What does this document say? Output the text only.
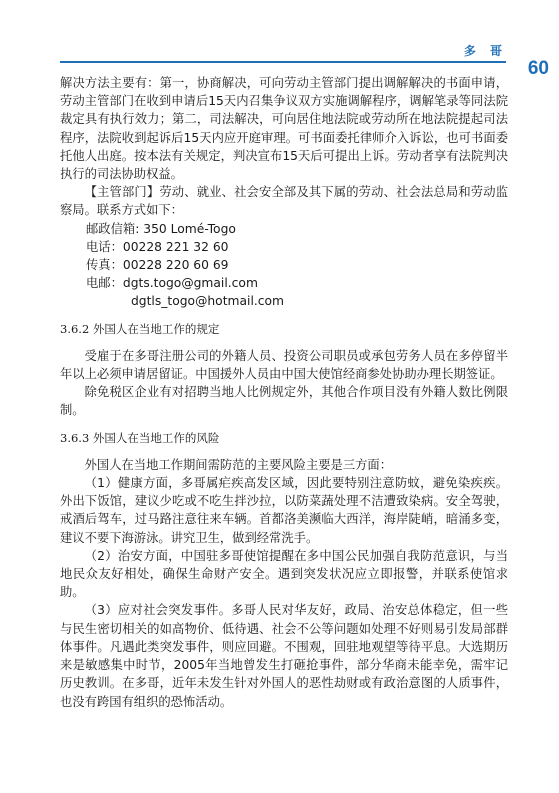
多 哥
60

解决方法主要有：第一，协商解决，可向劳动主管部门提出调解解决的书面申请，劳动主管部门在收到申请后15天内召集争议双方实施调解程序，调解笔录等同法院裁定具有执行效力；第二，司法解决，可向居住地法院或劳动所在地法院提起司法程序，法院收到起诉后15天内应开庭审理。可书面委托律师介入诉讼，也可书面委托他人出庭。按本法有关规定，判决宣布15天后可提出上诉。劳动者享有法院判决执行的司法协助权益。

【主管部门】劳动、就业、社会安全部及其下属的劳动、社会法总局和劳动监察局。联系方式如下：

邮政信箱: 350 Lomé-Togo
电话：00228 221 32 60
传真：00228 220 60 69
电邮：dgts.togo@gmail.com
dgtls_togo@hotmail.com

3.6.2 外国人在当地工作的规定

受雇于在多哥注册公司的外籍人员、投资公司职员或承包劳务人员在多停留半年以上必须申请居留证。中国援外人员由中国大使馆经商参处协助办理长期签证。

除免税区企业有对招聘当地人比例规定外，其他合作项目没有外籍人数比例限制。

3.6.3 外国人在当地工作的风险

外国人在当地工作期间需防范的主要风险主要是三方面：

（1）健康方面，多哥属疟疾高发区域，因此要特别注意防蚊，避免染疾疾。外出下饭馆，建议少吃或不吃生拌沙拉，以防菜蔬处理不洁遭致染病。安全驾驶，戒酒后驾车，过马路注意往来车辆。首都洛美濒临大西洋，海岸陡峭，暗涌多变，建议不要下海游泳。讲究卫生，做到经常洗手。

（2）治安方面，中国驻多哥使馆提醒在多中国公民加强自我防范意识，与当地民众友好相处，确保生命财产安全。遇到突发状况应立即报警，并联系使馆求助。

（3）应对社会突发事件。多哥人民对华友好，政局、治安总体稳定，但一些与民生密切相关的如高物价、低待遇、社会不公等问题如处理不好则易引发局部群体事件。凡遇此类突发事件，则应回避。不围观，回驻地观望等待平息。大选期历来是敏感集中时节，2005年当地曾发生打砸抢事件，部分华商未能幸免，需牢记历史教训。在多哥，近年未发生针对外国人的恶性劫财或有政治意图的人质事件，也没有跨国有组织的恐怖活动。
